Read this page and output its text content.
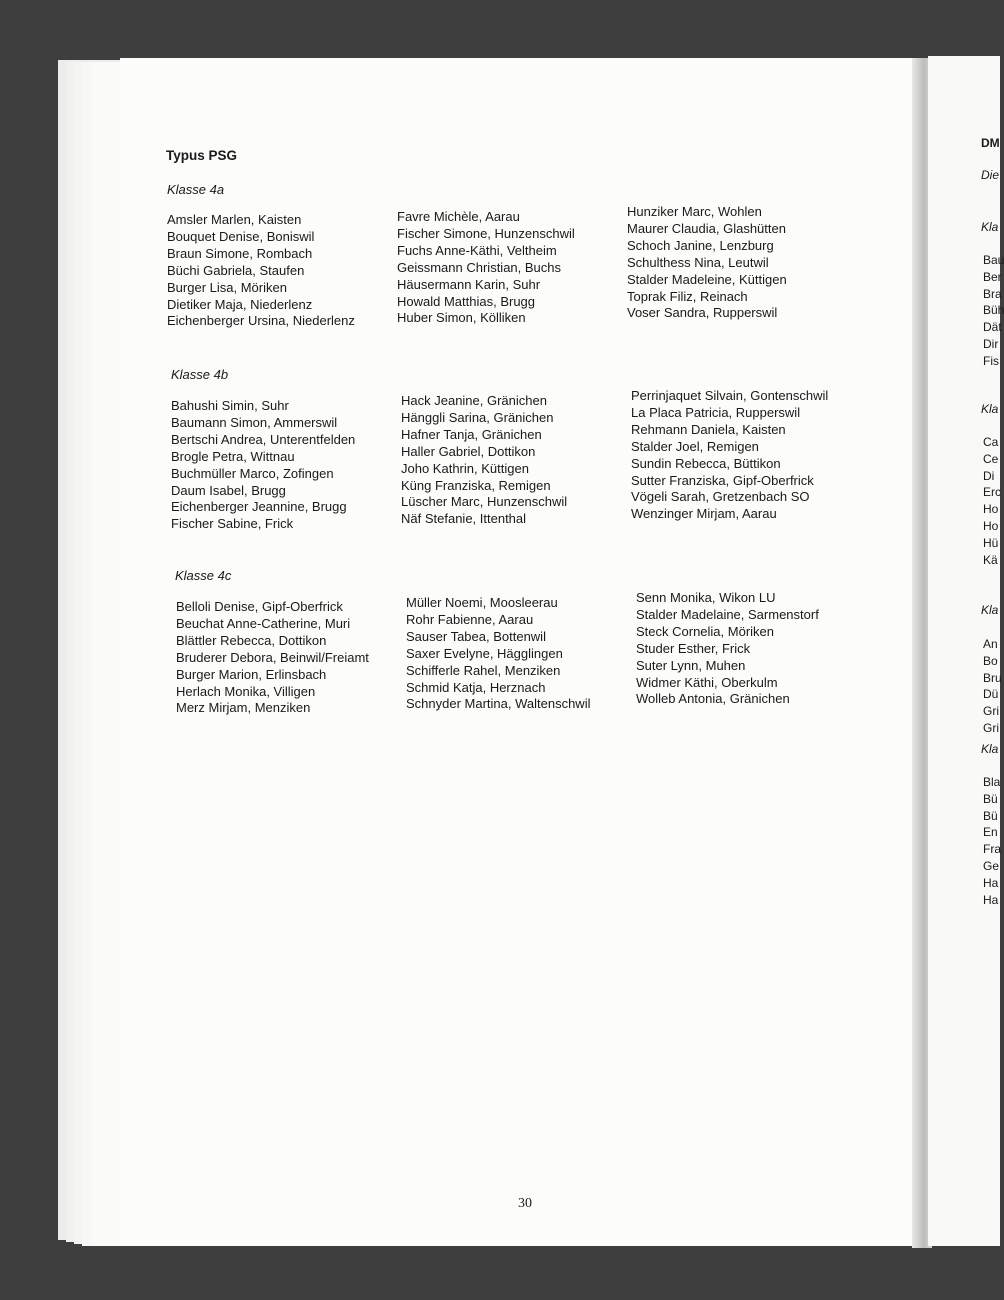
Typus PSG
Klasse 4a
Amsler Marlen, Kaisten
Bouquet Denise, Boniswil
Braun Simone, Rombach
Büchi Gabriela, Staufen
Burger Lisa, Möriken
Dietiker Maja, Niederlenz
Eichenberger Ursina, Niederlenz
Favre Michèle, Aarau
Fischer Simone, Hunzenschwil
Fuchs Anne-Käthi, Veltheim
Geissmann Christian, Buchs
Häusermann Karin, Suhr
Howald Matthias, Brugg
Huber Simon, Kölliken
Hunziker Marc, Wohlen
Maurer Claudia, Glashütten
Schoch Janine, Lenzburg
Schulthess Nina, Leutwil
Stalder Madeleine, Küttigen
Toprak Filiz, Reinach
Voser Sandra, Rupperswil
Klasse 4b
Bahushi Simin, Suhr
Baumann Simon, Ammerswil
Bertschi Andrea, Unterentfelden
Brogle Petra, Wittnau
Buchmüller Marco, Zofingen
Daum Isabel, Brugg
Eichenberger Jeannine, Brugg
Fischer Sabine, Frick
Hack Jeanine, Gränichen
Hänggli Sarina, Gränichen
Hafner Tanja, Gränichen
Haller Gabriel, Dottikon
Joho Kathrin, Küttigen
Küng Franziska, Remigen
Lüscher Marc, Hunzenschwil
Näf Stefanie, Ittenthal
Perrinjaquet Silvain, Gontenschwil
La Placa Patricia, Rupperswil
Rehmann Daniela, Kaisten
Stalder Joel, Remigen
Sundin Rebecca, Büttikon
Sutter Franziska, Gipf-Oberfrick
Vögeli Sarah, Gretzenbach SO
Wenzinger Mirjam, Aarau
Klasse 4c
Belloli Denise, Gipf-Oberfrick
Beuchat Anne-Catherine, Muri
Blättler Rebecca, Dottikon
Bruderer Debora, Beinwil/Freiamt
Burger Marion, Erlinsbach
Herlach Monika, Villigen
Merz Mirjam, Menziken
Müller Noemi, Moosleerau
Rohr Fabienne, Aarau
Sauser Tabea, Bottenwil
Saxer Evelyne, Hägglingen
Schifferle Rahel, Menziken
Schmid Katja, Herznach
Schnyder Martina, Waltenschwil
Senn Monika, Wikon LU
Stalder Madelaine, Sarmenstorf
Steck Cornelia, Möriken
Studer Esther, Frick
Suter Lynn, Muhen
Widmer Käthi, Oberkulm
Wolleb Antonia, Gränichen
30
DM
Die
Kla
Bau
Ber
Bra
Büh
Dät
Dir
Fis
Kla
Ca
Ce
Di
Erc
Ho
Ho
Hü
Kä
Kla
An
Bo
Bru
Dü
Gri
Gri
Kla
Bla
Bü
Bü
En
Fra
Ge
Ha
Ha
